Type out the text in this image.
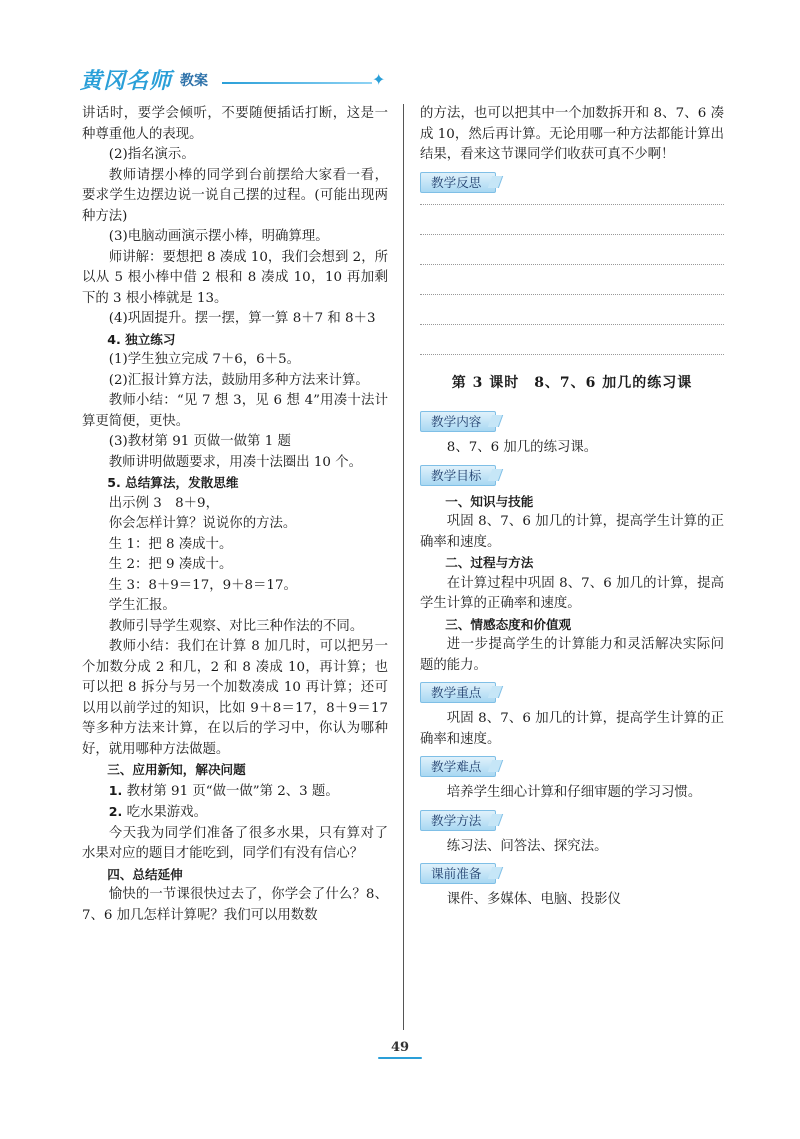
黄冈名师 教案	✦

讲话时，要学会倾听，不要随便插话打断，这是一种尊重他人的表现。

(2)指名演示。

教师请摆小棒的同学到台前摆给大家看一看，要求学生边摆边说一说自己摆的过程。(可能出现两种方法)

(3)电脑动画演示摆小棒，明确算理。

师讲解：要想把 8 凑成 10，我们会想到 2，所以从 5 根小棒中借 2 根和 8 凑成 10，10 再加剩下的 3 根小棒就是 13。

(4)巩固提升。摆一摆，算一算 8＋7 和 8＋3

4. 独立练习

(1)学生独立完成 7＋6，6＋5。

(2)汇报计算方法，鼓励用多种方法来计算。

教师小结：“见 7 想 3，见 6 想 4”用凑十法计算更简便，更快。

(3)教材第 91 页做一做第 1 题

教师讲明做题要求，用凑十法圈出 10 个。

5. 总结算法，发散思维

出示例 3　8＋9，

你会怎样计算？说说你的方法。

生 1：把 8 凑成十。

生 2：把 9 凑成十。

生 3：8＋9＝17，9＋8＝17。

学生汇报。

教师引导学生观察、对比三种作法的不同。

教师小结：我们在计算 8 加几时，可以把另一个加数分成 2 和几，2 和 8 凑成 10，再计算；也可以把 8 拆分与另一个加数凑成 10 再计算；还可以用以前学过的知识，比如 9＋8＝17，8＋9＝17 等多种方法来计算，在以后的学习中，你认为哪种好，就用哪种方法做题。

三、应用新知，解决问题

1. 教材第 91 页“做一做”第 2、3 题。

2. 吃水果游戏。

今天我为同学们准备了很多水果，只有算对了水果对应的题目才能吃到，同学们有没有信心？

四、总结延伸

愉快的一节课很快过去了，你学会了什么？8、7、6 加几怎样计算呢？我们可以用数数

的方法，也可以把其中一个加数拆开和 8、7、6 凑成 10，然后再计算。无论用哪一种方法都能计算出结果，看来这节课同学们收获可真不少啊！

教学反思
第 3 课时　8、7、6 加几的练习课
教学内容

8、7、6 加几的练习课。

教学目标

一、知识与技能

巩固 8、7、6 加几的计算，提高学生计算的正确率和速度。

二、过程与方法

在计算过程中巩固 8、7、6 加几的计算，提高学生计算的正确率和速度。

三、情感态度和价值观

进一步提高学生的计算能力和灵活解决实际问题的能力。

教学重点

巩固 8、7、6 加几的计算，提高学生计算的正确率和速度。

教学难点

培养学生细心计算和仔细审题的学习习惯。

教学方法

练习法、问答法、探究法。

课前准备

课件、多媒体、电脑、投影仪

49
